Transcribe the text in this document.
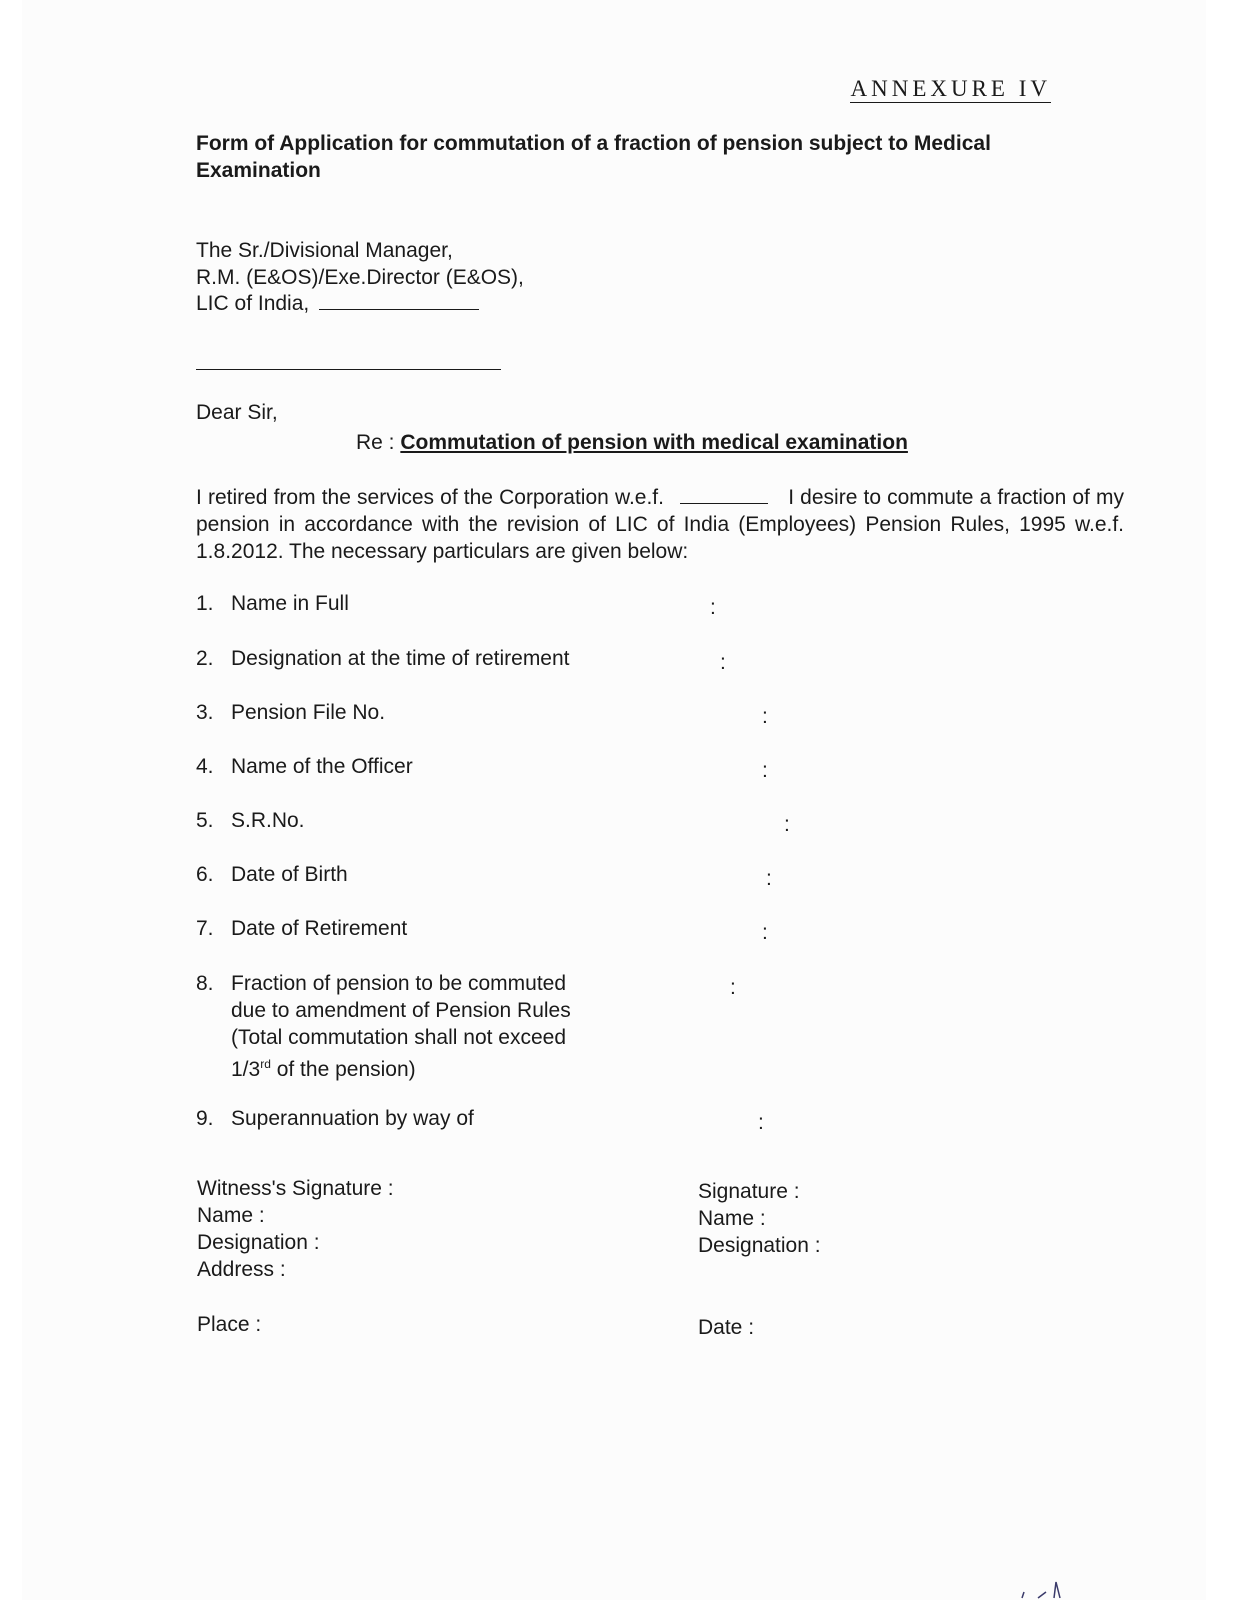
ANNEXURE IV
Form of Application for commutation of a fraction of pension subject to Medical Examination
The Sr./Divisional Manager,
R.M. (E&OS)/Exe.Director (E&OS),
LIC of India,
Dear Sir,
Re : Commutation of pension with medical examination
I retired from the services of the Corporation w.e.f.	I desire to commute a fraction of my pension in accordance with the revision of LIC of India (Employees) Pension Rules, 1995 w.e.f. 1.8.2012. The necessary particulars are given below:
1. Name in Full	:
2. Designation at the time of retirement	:
3. Pension File No.	:
4. Name of the Officer	:
5. S.R.No.	:
6. Date of Birth	:
7. Date of Retirement	:
8. Fraction of pension to be commuted
due to amendment of Pension Rules
(Total commutation shall not exceed
1/3rd of the pension)
:
9. Superannuation by way of	:
Witness's Signature :
Name :
Designation :
Address :
Signature :
Name :
Designation :
Place :	Date :
